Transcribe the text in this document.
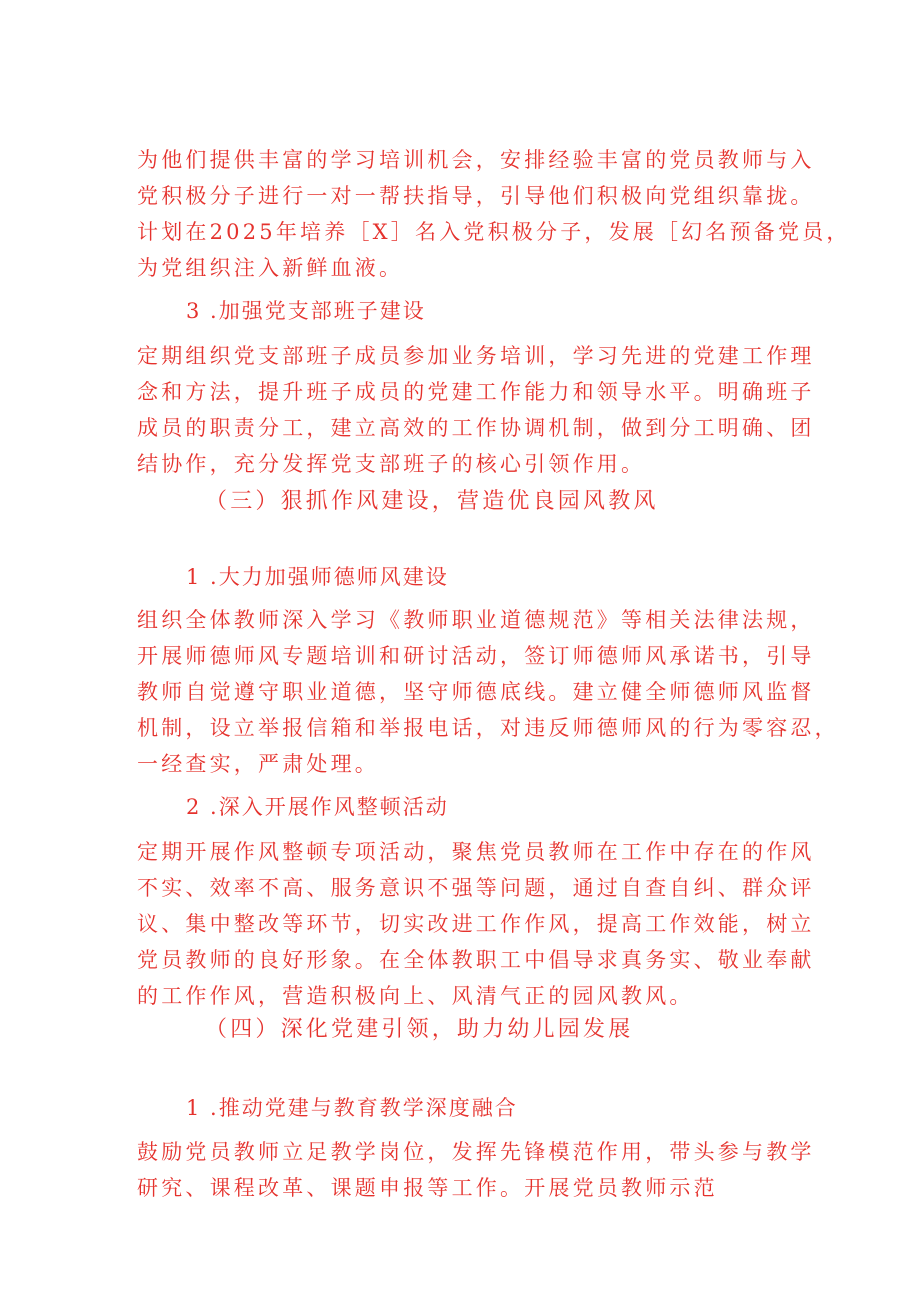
为他们提供丰富的学习培训机会，安排经验丰富的党员教师与入
党积极分子进行一对一帮扶指导，引导他们积极向党组织靠拢。
计划在2025年培养［X］名入党积极分子，发展［幻名预备党员，
为党组织注入新鲜血液。
3 .加强党支部班子建设
定期组织党支部班子成员参加业务培训，学习先进的党建工作理
念和方法，提升班子成员的党建工作能力和领导水平。明确班子
成员的职责分工，建立高效的工作协调机制，做到分工明确、团
结协作，充分发挥党支部班子的核心引领作用。
（三）狠抓作风建设，营造优良园风教风
1 .大力加强师德师风建设
组织全体教师深入学习《教师职业道德规范》等相关法律法规，
开展师德师风专题培训和研讨活动，签订师德师风承诺书，引导
教师自觉遵守职业道德，坚守师德底线。建立健全师德师风监督
机制，设立举报信箱和举报电话，对违反师德师风的行为零容忍，
一经查实，严肃处理。
2 .深入开展作风整顿活动
定期开展作风整顿专项活动，聚焦党员教师在工作中存在的作风
不实、效率不高、服务意识不强等问题，通过自查自纠、群众评
议、集中整改等环节，切实改进工作作风，提高工作效能，树立
党员教师的良好形象。在全体教职工中倡导求真务实、敬业奉献
的工作作风，营造积极向上、风清气正的园风教风。
（四）深化党建引领，助力幼儿园发展
1 .推动党建与教育教学深度融合
鼓励党员教师立足教学岗位，发挥先锋模范作用，带头参与教学
研究、课程改革、课题申报等工作。开展党员教师示范
